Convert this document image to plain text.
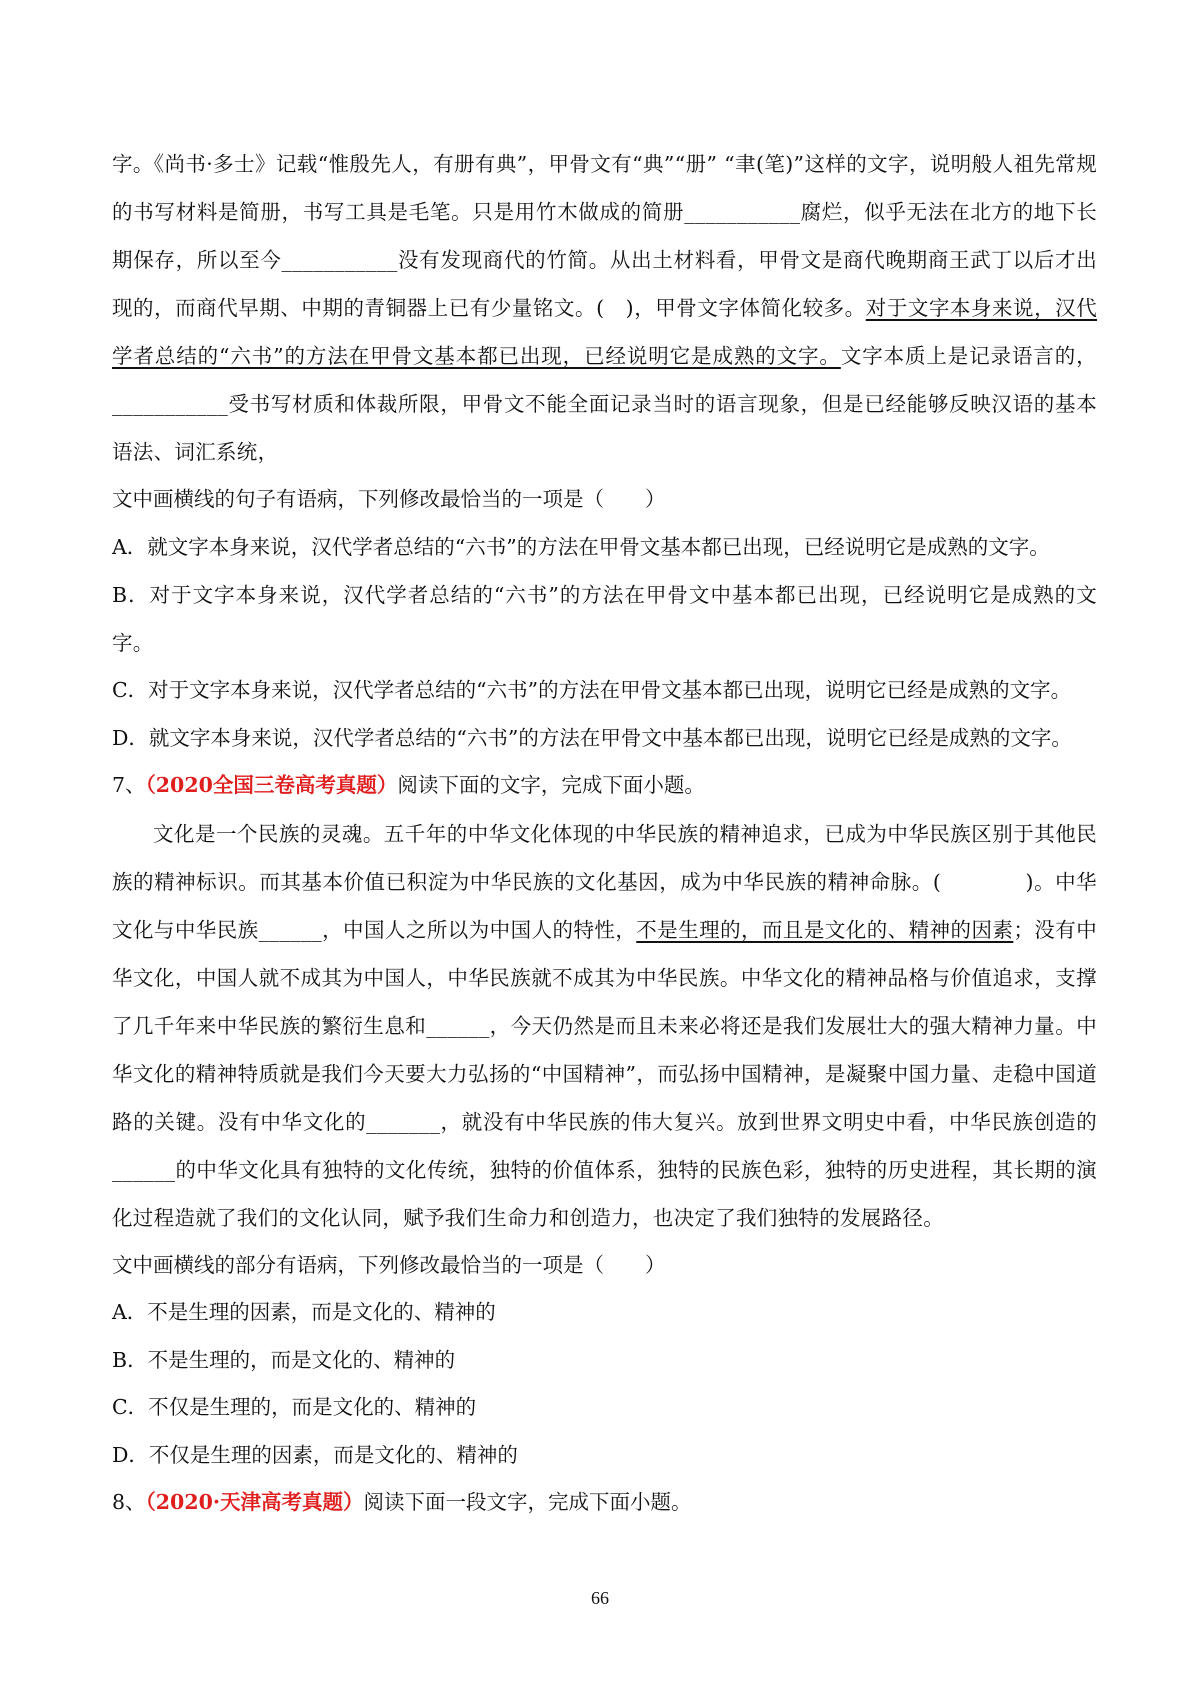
字。《尚书·多士》记载“惟殷先人，有册有典”，甲骨文有“典”“册” “聿(笔)”这样的文字，说明般人祖先常规的书写材料是简册，书写工具是毛笔。只是用竹木做成的简册___________腐烂，似乎无法在北方的地下长期保存，所以至今___________没有发现商代的竹简。从出土材料看，甲骨文是商代晚期商王武丁以后才出现的，而商代早期、中期的青铜器上已有少量铭文。(　)，甲骨文字体简化较多。对于文字本身来说，汉代学者总结的“六书”的方法在甲骨文基本都已出现，已经说明它是成熟的文字。文字本质上是记录语言的，___________受书写材质和体裁所限，甲骨文不能全面记录当时的语言现象，但是已经能够反映汉语的基本语法、词汇系统，

文中画横线的句子有语病，下列修改最恰当的一项是（　　）

A．就文字本身来说，汉代学者总结的“六书”的方法在甲骨文基本都已出现，已经说明它是成熟的文字。

B．对于文字本身来说，汉代学者总结的“六书”的方法在甲骨文中基本都已出现，已经说明它是成熟的文字。

C．对于文字本身来说，汉代学者总结的“六书”的方法在甲骨文基本都已出现，说明它已经是成熟的文字。

D．就文字本身来说，汉代学者总结的“六书”的方法在甲骨文中基本都已出现，说明它已经是成熟的文字。

7、（2020全国三卷高考真题）阅读下面的文字，完成下面小题。

文化是一个民族的灵魂。五千年的中华文化体现的中华民族的精神追求，已成为中华民族区别于其他民族的精神标识。而其基本价值已积淀为中华民族的文化基因，成为中华民族的精神命脉。(　　　　)。中华文化与中华民族______，中国人之所以为中国人的特性，不是生理的，而且是文化的、精神的因素；没有中华文化，中国人就不成其为中国人，中华民族就不成其为中华民族。中华文化的精神品格与价值追求，支撑了几千年来中华民族的繁衍生息和______，今天仍然是而且未来必将还是我们发展壮大的强大精神力量。中华文化的精神特质就是我们今天要大力弘扬的“中国精神”，而弘扬中国精神，是凝聚中国力量、走稳中国道路的关键。没有中华文化的_______，就没有中华民族的伟大复兴。放到世界文明史中看，中华民族创造的______的中华文化具有独特的文化传统，独特的价值体系，独特的民族色彩，独特的历史进程，其长期的演化过程造就了我们的文化认同，赋予我们生命力和创造力，也决定了我们独特的发展路径。

文中画横线的部分有语病，下列修改最恰当的一项是（　　）

A．不是生理的因素，而是文化的、精神的

B．不是生理的，而是文化的、精神的

C．不仅是生理的，而是文化的、精神的

D．不仅是生理的因素，而是文化的、精神的

8、（2020·天津高考真题）阅读下面一段文字，完成下面小题。

66
